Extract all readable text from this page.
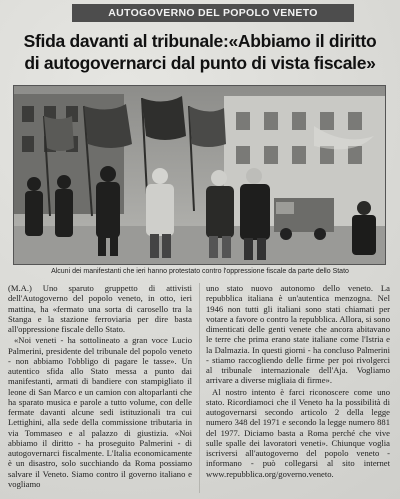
AUTOGOVERNO DEL POPOLO VENETO
Sfida davanti al tribunale:«Abbiamo il diritto
di autogovernarci dal punto di vista fiscale»
Alcuni dei manifestanti che ieri hanno protestato contro l'oppressione fiscale da parte dello Stato

(M.A.) Uno sparuto gruppetto di attivisti dell'Autogoverno del popolo veneto, in otto, ieri mattina, ha «fermato una sorta di carosello tra la Stanga e la stazione ferroviaria per dire basta all'oppressione fiscale dello Stato.

«Noi veneti - ha sottolineato a gran voce Lucio Palmerini, presidente del tribunale del popolo veneto - non abbiamo l'obbligo di pagare le tasse». Un autentico sfida allo Stato messa a punto dai manifestanti, armati di bandiere con stampigliato il leone di San Marco e un camion con altoparlanti che ha sparato musica e parole a tutto volume, con delle fermate davanti alcune sedi istituzionali tra cui Lettighini, alla sede della commissione tributaria in via Tommaseo e al palazzo di giustizia. «Noi abbiamo il diritto - ha proseguito Palmerini - di autogovernarci fiscalmente. L'Italia economicamente è un disastro, solo succhiando da Roma possiamo salvare il Veneto. Siamo contro il governo italiano e vogliamo

uno stato nuovo autonomo dello veneto. La repubblica italiana è un'autentica menzogna. Nel 1946 non tutti gli italiani sono stati chiamati per votare a favore o contro la repubblica. Allora, si sono dimenticati delle genti venete che ancora abitavano le terre che prima erano state italiane come l'Istria e la Dalmazia. In questi giorni - ha concluso Palmerini - stiamo raccogliendo delle firme per poi rivolgerci al tribunale internazionale dell'Aja. Vogliamo arrivare a diverse migliaia di firme».

Al nostro intento è farci riconoscere come uno stato. Ricordiamoci che il Veneto ha la possibilità di autogovernarsi secondo articolo 2 della legge numero 348 del 1971 e secondo la legge numero 881 del 1977. Diciamo basta a Roma perché che vive sulle spalle dei lavoratori veneti». Chiunque voglia iscriversi all'autogoverno del popolo veneto - informano - può collegarsi al sito internet www.repubblica.org/governo.veneto.
